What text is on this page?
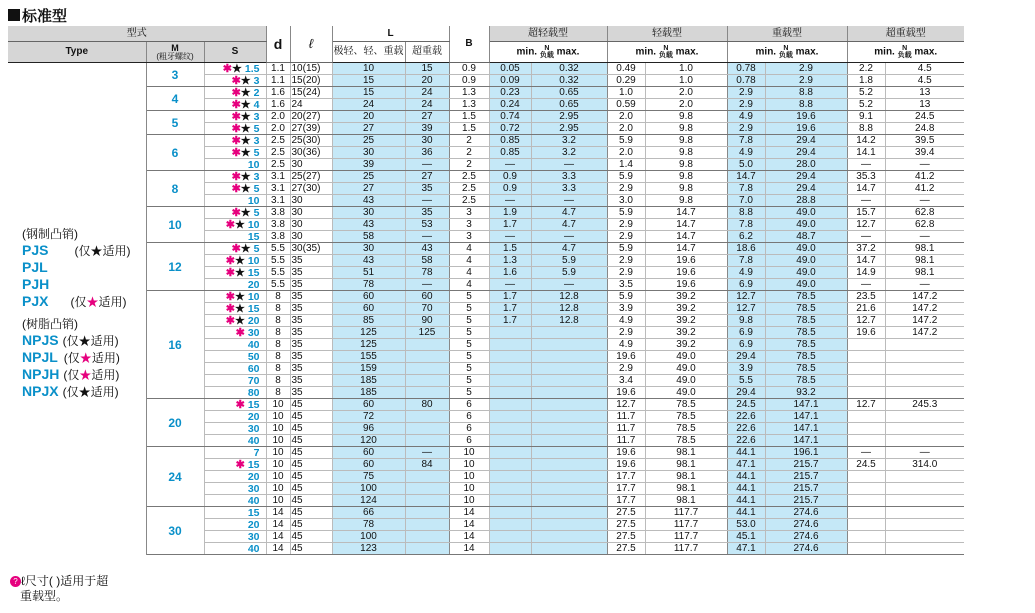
标准型
型式			d	ℓ	L		B	超轻载型		轻载型		重载型		超重载型	
Type	M
(粗牙螺纹)	S			极轻、轻、重载	超重载		min. N
负载 max.		min. N
负载 max.		min. N
负载 max.		min. N
负载 max.	
	3	✱★ 1.5	1.1	10(15)	10	15	0.9	0.05	0.32	0.49	1.0	0.78	2.9	2.2	4.5
		✱★ 3	1.1	15(20)	15	20	0.9	0.09	0.32	0.29	1.0	0.78	2.9	1.8	4.5
	4	✱★ 2	1.6	15(24)	15	24	1.3	0.23	0.65	1.0	2.0	2.9	8.8	5.2	13
		✱★ 4	1.6	24	24	24	1.3	0.24	0.65	0.59	2.0	2.9	8.8	5.2	13
	5	✱★ 3	2.0	20(27)	20	27	1.5	0.74	2.95	2.0	9.8	4.9	19.6	9.1	24.5
		✱★ 5	2.0	27(39)	27	39	1.5	0.72	2.95	2.0	9.8	2.9	19.6	8.8	24.8
	6	✱★ 3	2.5	25(30)	25	30	2	0.85	3.2	5.9	9.8	7.8	29.4	14.2	39.5
		✱★ 5	2.5	30(36)	30	36	2	0.85	3.2	2.0	9.8	4.9	29.4	14.1	39.4
		10	2.5	30	39	—	2	—	—	1.4	9.8	5.0	28.0	—	—
	8	✱★ 3	3.1	25(27)	25	27	2.5	0.9	3.3	5.9	9.8	14.7	29.4	35.3	41.2
		✱★ 5	3.1	27(30)	27	35	2.5	0.9	3.3	2.9	9.8	7.8	29.4	14.7	41.2
		10	3.1	30	43	—	2.5	—	—	3.0	9.8	7.0	28.8	—	—
	10	✱★ 5	3.8	30	30	35	3	1.9	4.7	5.9	14.7	8.8	49.0	15.7	62.8
		✱★ 10	3.8	30	43	53	3	1.7	4.7	2.9	14.7	7.8	49.0	12.7	62.8
		15	3.8	30	58	—	3	—	—	2.9	14.7	6.2	48.7	—	—
	12	✱★ 5	5.5	30(35)	30	43	4	1.5	4.7	5.9	14.7	18.6	49.0	37.2	98.1
		✱★ 10	5.5	35	43	58	4	1.3	5.9	2.9	19.6	7.8	49.0	14.7	98.1
		✱★ 15	5.5	35	51	78	4	1.6	5.9	2.9	19.6	4.9	49.0	14.9	98.1
		20	5.5	35	78	—	4	—	—	3.5	19.6	6.9	49.0	—	—
	16	✱★ 10	8	35	60	60	5	1.7	12.8	5.9	39.2	12.7	78.5	23.5	147.2
		✱★ 15	8	35	60	70	5	1.7	12.8	3.9	39.2	12.7	78.5	21.6	147.2
		✱★ 20	8	35	85	90	5	1.7	12.8	4.9	39.2	9.8	78.5	12.7	147.2
		✱ 30	8	35	125	125	5			2.9	39.2	6.9	78.5	19.6	147.2
		40	8	35	125		5			4.9	39.2	6.9	78.5		
		50	8	35	155		5			19.6	49.0	29.4	78.5		
		60	8	35	159		5			2.9	49.0	3.9	78.5		
		70	8	35	185		5			3.4	49.0	5.5	78.5		
		80	8	35	185		5			19.6	49.0	29.4	93.2		
	20	✱ 15	10	45	60	80	6			12.7	78.5	24.5	147.1	12.7	245.3
		20	10	45	72		6			11.7	78.5	22.6	147.1		
		30	10	45	96		6			11.7	78.5	22.6	147.1		
		40	10	45	120		6			11.7	78.5	22.6	147.1		
	24	7	10	45	60	—	10			19.6	98.1	44.1	196.1	—	—
		✱ 15	10	45	60	84	10			19.6	98.1	47.1	215.7	24.5	314.0
		20	10	45	75		10			17.7	98.1	44.1	215.7		
		30	10	45	100		10			17.7	98.1	44.1	215.7		
		40	10	45	124		10			17.7	98.1	44.1	215.7		
	30	15	14	45	66		14			27.5	117.7	44.1	274.6		
		20	14	45	78		14			27.5	117.7	53.0	274.6		
		30	14	45	100		14			27.5	117.7	45.1	274.6		
		40	14	45	123		14			27.5	117.7	47.1	274.6		
(钢制凸销)
PJS (仅★适用)
PJL
PJH
PJX (仅★适用)
(树脂凸销)
NPJS (仅★适用)
NPJL (仅★适用)
NPJH (仅★适用)
NPJX (仅★适用)
? ℓ尺寸( )适用于超
重载型。
